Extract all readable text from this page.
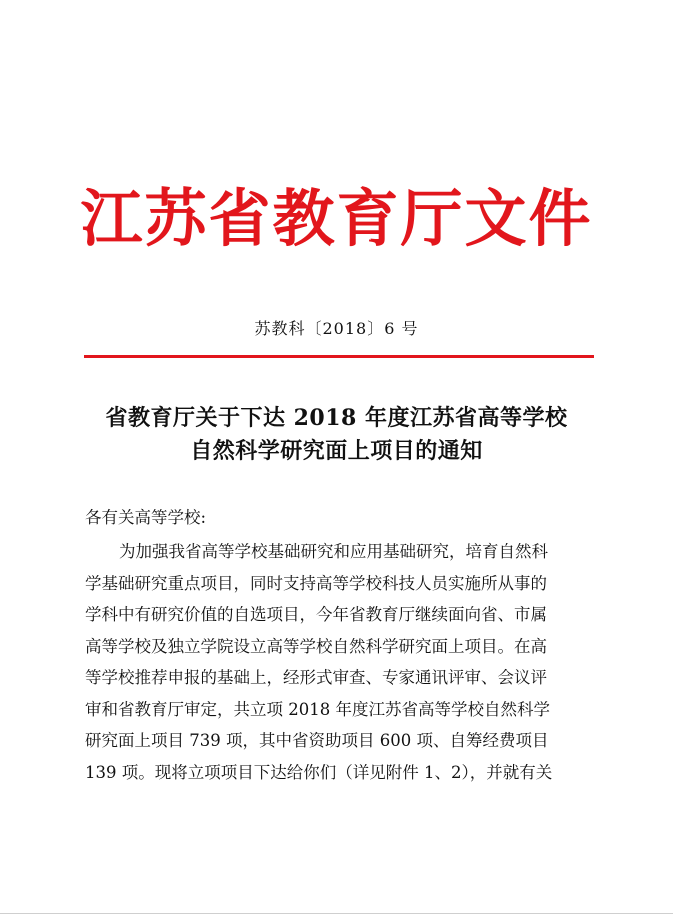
江苏省教育厅文件
苏教科〔2018〕6 号
省教育厅关于下达 2018 年度江苏省高等学校
自然科学研究面上项目的通知
各有关高等学校:
为加强我省高等学校基础研究和应用基础研究，培育自然科
学基础研究重点项目，同时支持高等学校科技人员实施所从事的
学科中有研究价值的自选项目，今年省教育厅继续面向省、市属
高等学校及独立学院设立高等学校自然科学研究面上项目。在高
等学校推荐申报的基础上，经形式审查、专家通讯评审、会议评
审和省教育厅审定，共立项 2018 年度江苏省高等学校自然科学
研究面上项目 739 项，其中省资助项目 600 项、自筹经费项目
139 项。现将立项项目下达给你们（详见附件 1、2），并就有关
